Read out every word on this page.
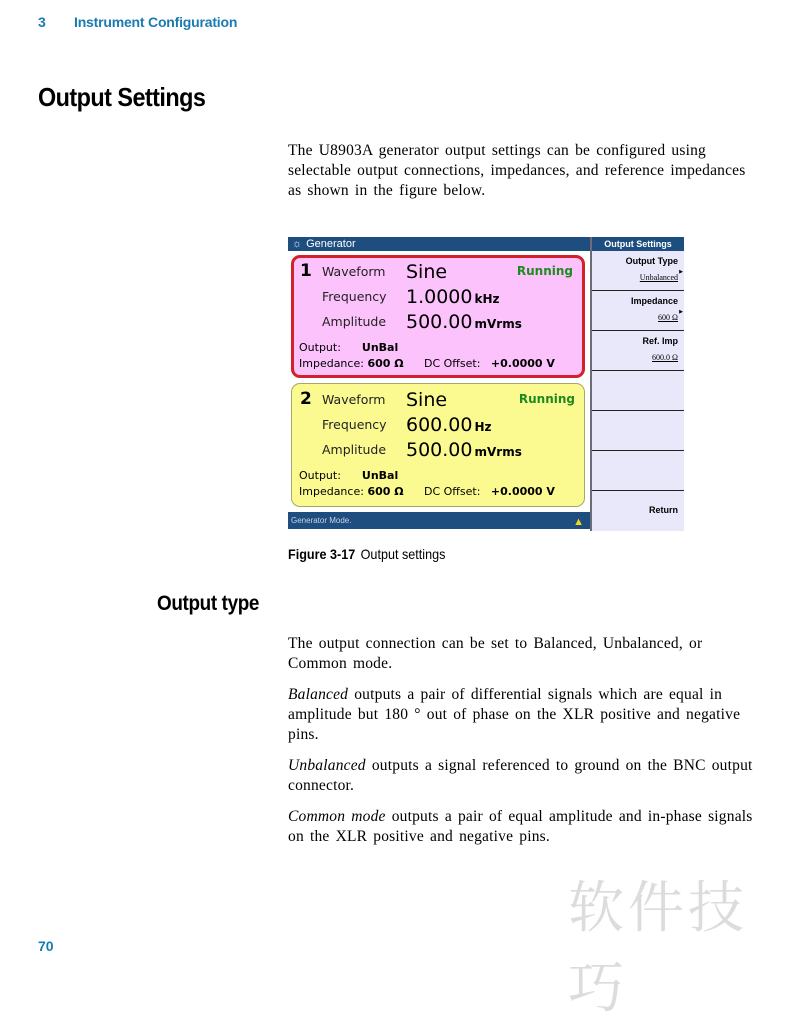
3 Instrument Configuration
Output Settings

The U8903A generator output settings can be configured using selectable output connections, impedances, and reference impedances as shown in the figure below.

☼ Generator
1 Waveform Sine	Running
Frequency 1.0000 kHz
Amplitude 500.00 mVrms
Output: UnBal
Impedance: 600 Ω DC Offset: +0.0000 V
2 Waveform Sine	Running
Frequency 600.00 Hz
Amplitude 500.00 mVrms
Output: UnBal
Impedance: 600 Ω DC Offset: +0.0000 V
Generator Mode.	▲
Output Settings
Output Type
▶
Unbalanced
Impedance
▶
600 Ω
Ref. Imp
600.0 Ω
Return
Figure 3-17 Output settings
Output type

The output connection can be set to Balanced, Unbalanced, or Common mode.

Balanced outputs a pair of differential signals which are equal in amplitude but 180 ° out of phase on the XLR positive and negative pins.

Unbalanced outputs a signal referenced to ground on the BNC output connector.

Common mode outputs a pair of equal amplitude and in-phase signals on the XLR positive and negative pins.

软件技巧
70
